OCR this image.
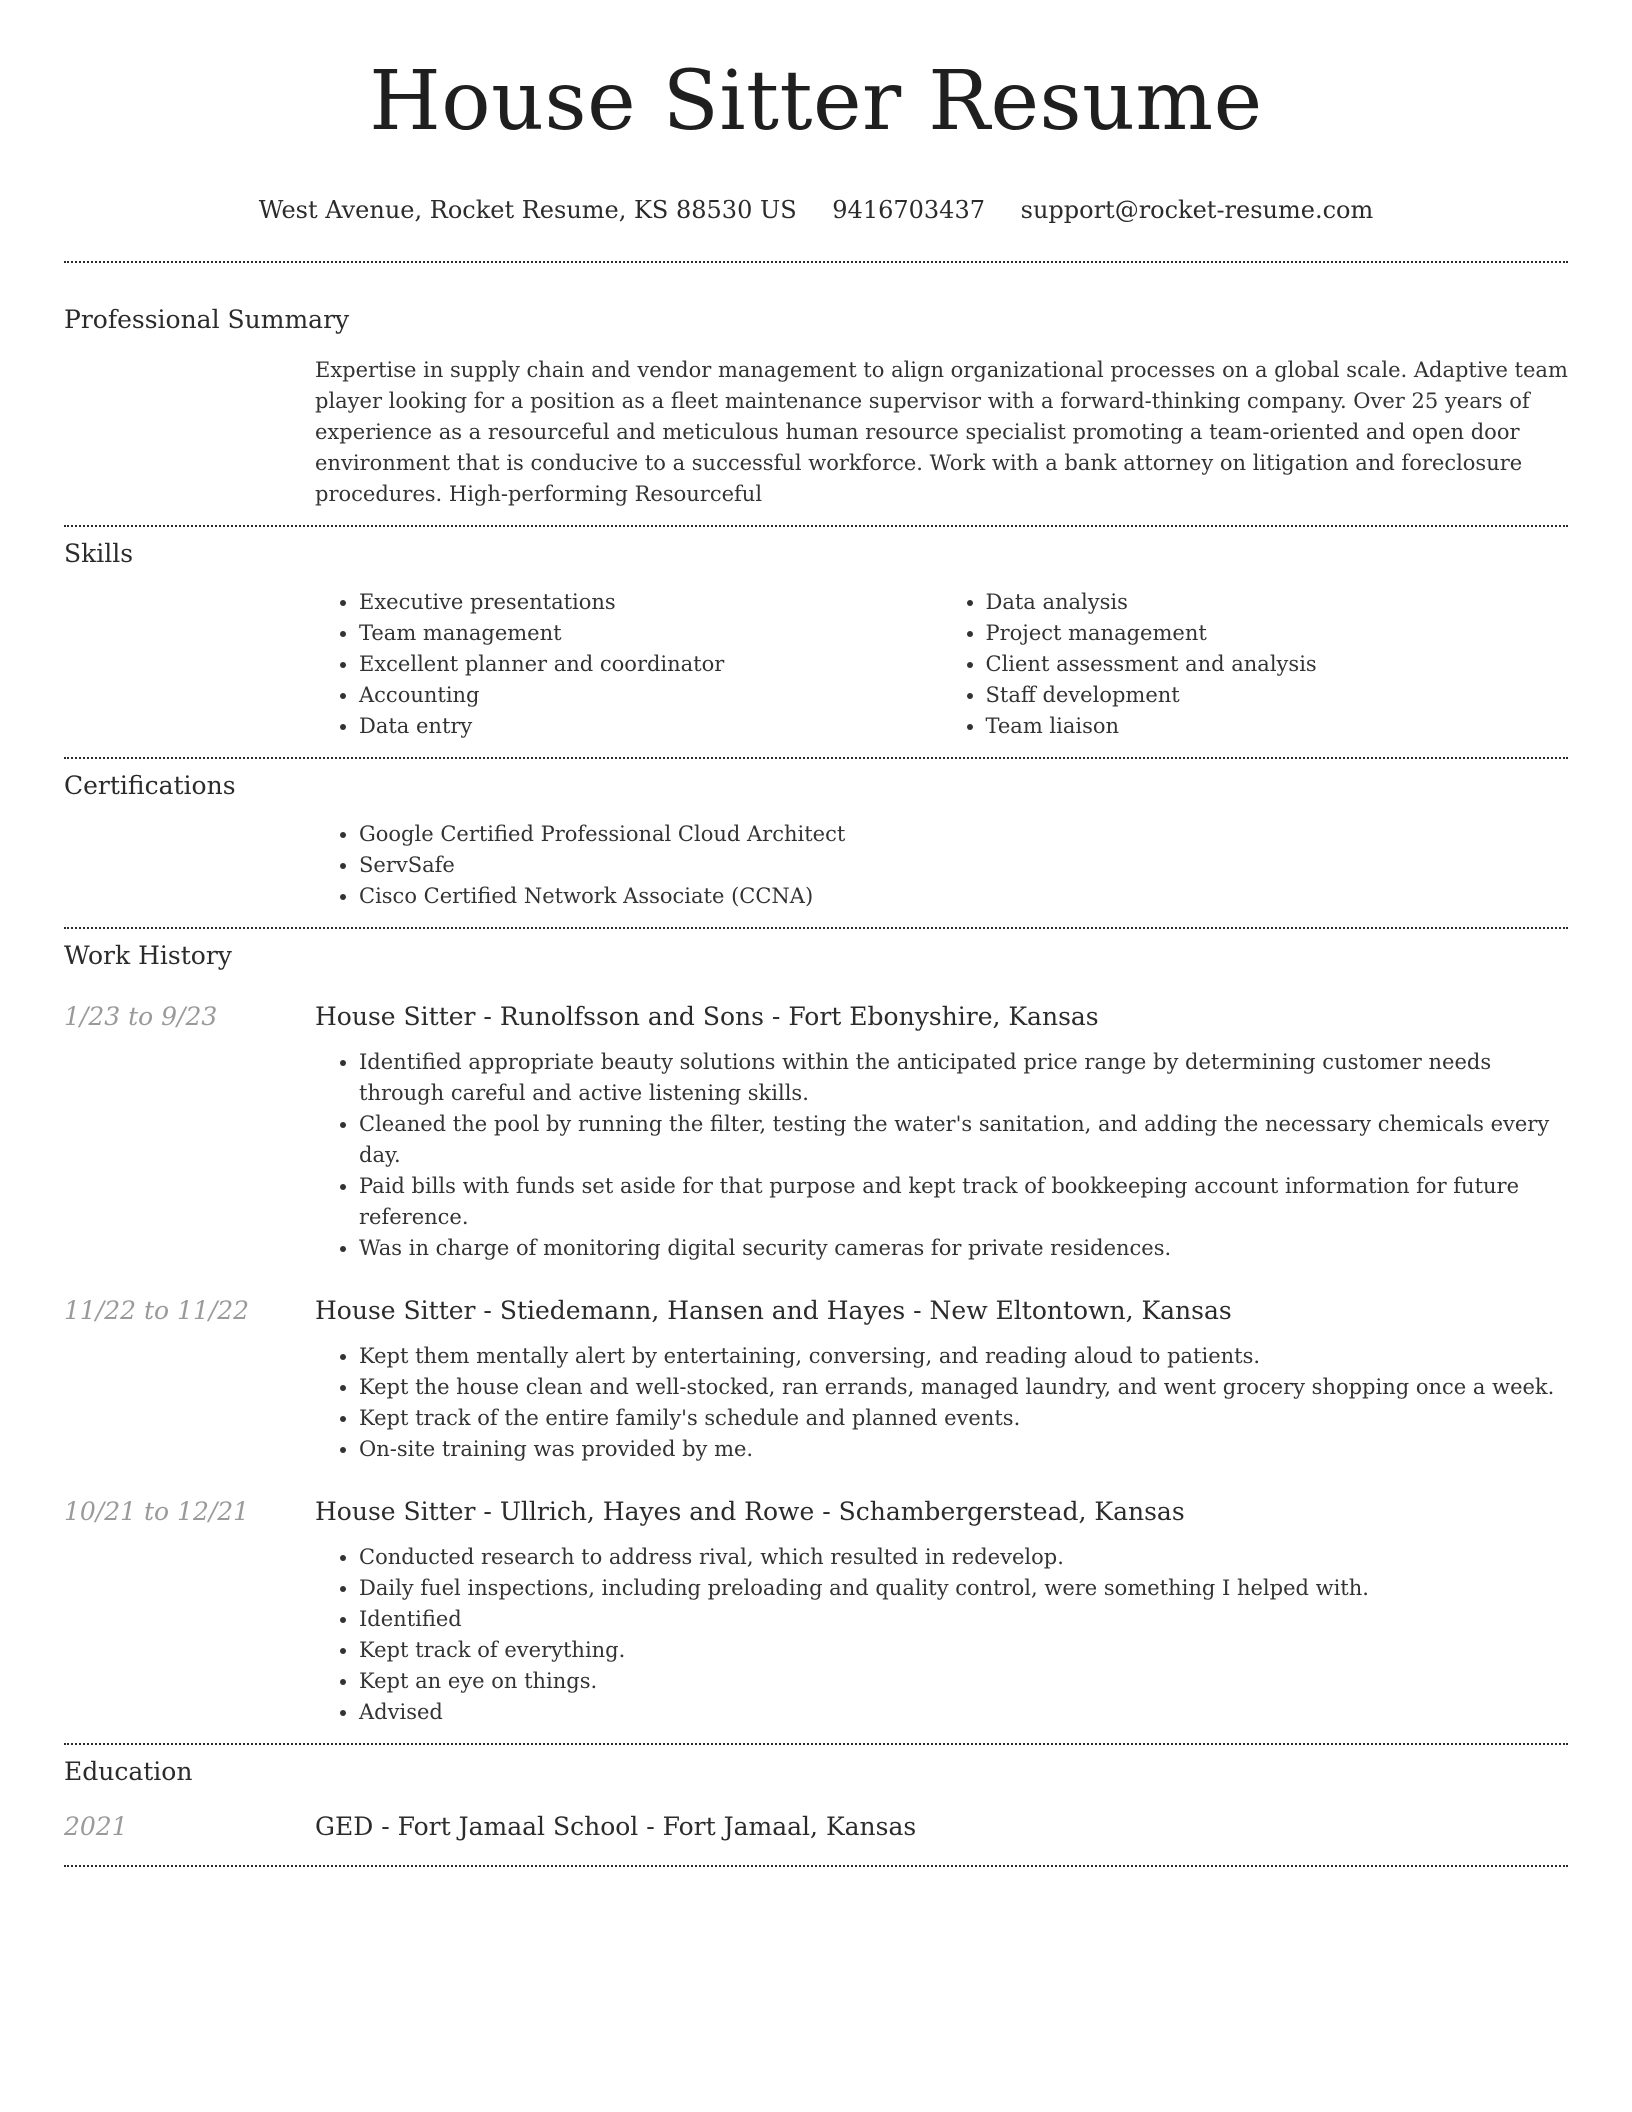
House Sitter Resume
West Avenue, Rocket Resume, KS 88530 US 9416703437 support@rocket-resume.com
Professional Summary
Expertise in supply chain and vendor management to align organizational processes on a global scale. Adaptive team player looking for a position as a fleet maintenance supervisor with a forward-thinking company. Over 25 years of experience as a resourceful and meticulous human resource specialist promoting a team-oriented and open door environment that is conducive to a successful workforce. Work with a bank attorney on litigation and foreclosure procedures. High-performing Resourceful
Skills
• Executive presentations
• Team management
• Excellent planner and coordinator
• Accounting
• Data entry
• Data analysis
• Project management
• Client assessment and analysis
• Staff development
• Team liaison
Certifications
• Google Certified Professional Cloud Architect
• ServSafe
• Cisco Certified Network Associate (CCNA)
Work History
1/23 to 9/23	House Sitter - Runolfsson and Sons - Fort Ebonyshire, Kansas
• Identified appropriate beauty solutions within the anticipated price range by determining customer needs through careful and active listening skills.
• Cleaned the pool by running the filter, testing the water's sanitation, and adding the necessary chemicals every day.
• Paid bills with funds set aside for that purpose and kept track of bookkeeping account information for future reference.
• Was in charge of monitoring digital security cameras for private residences.
11/22 to 11/22	House Sitter - Stiedemann, Hansen and Hayes - New Eltontown, Kansas
• Kept them mentally alert by entertaining, conversing, and reading aloud to patients.
• Kept the house clean and well-stocked, ran errands, managed laundry, and went grocery shopping once a week.
• Kept track of the entire family's schedule and planned events.
• On-site training was provided by me.
10/21 to 12/21	House Sitter - Ullrich, Hayes and Rowe - Schambergerstead, Kansas
• Conducted research to address rival, which resulted in redevelop.
• Daily fuel inspections, including preloading and quality control, were something I helped with.
• Identified
• Kept track of everything.
• Kept an eye on things.
• Advised
Education
2021	GED - Fort Jamaal School - Fort Jamaal, Kansas
